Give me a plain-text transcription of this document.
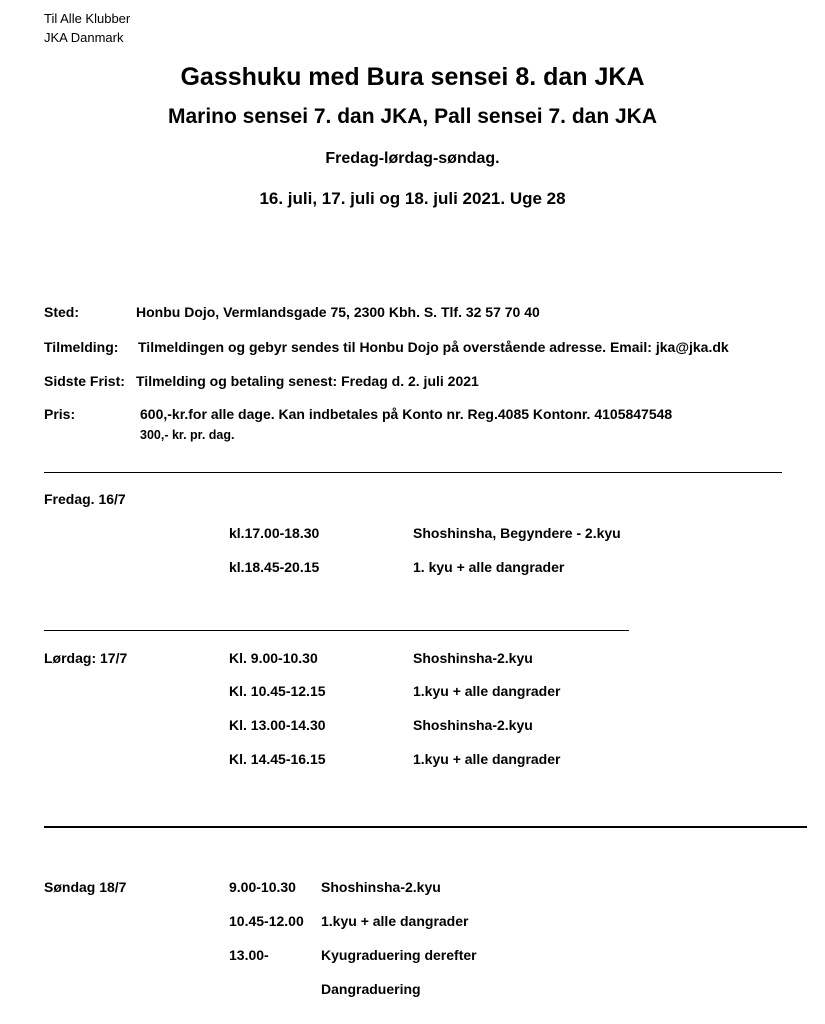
Til Alle Klubber
JKA Danmark
Gasshuku med Bura sensei 8. dan JKA
Marino sensei 7. dan JKA, Pall sensei 7. dan JKA
Fredag-lørdag-søndag.
16. juli, 17. juli og 18. juli 2021. Uge 28
Sted:	Honbu Dojo, Vermlandsgade 75, 2300 Kbh. S. Tlf. 32 57 70 40
Tilmelding: Tilmeldingen og gebyr sendes til Honbu Dojo på overstående adresse. Email: jka@jka.dk
Sidste Frist: Tilmelding og betaling senest: Fredag d. 2. juli 2021
Pris:	600,-kr.for alle dage. Kan indbetales på Konto nr. Reg.4085 Kontonr. 4105847548
300,- kr. pr. dag.
Fredag. 16/7
kl.17.00-18.30	Shoshinsha, Begyndere - 2.kyu
kl.18.45-20.15	1. kyu + alle dangrader
Lørdag: 17/7	Kl. 9.00-10.30	Shoshinsha-2.kyu
Kl. 10.45-12.15	1.kyu + alle dangrader
Kl. 13.00-14.30	Shoshinsha-2.kyu
Kl. 14.45-16.15	1.kyu + alle dangrader
Søndag 18/7	9.00-10.30 Shoshinsha-2.kyu
10.45-12.00 1.kyu + alle dangrader
13.00-	Kyugraduering derefter
Dangraduering
